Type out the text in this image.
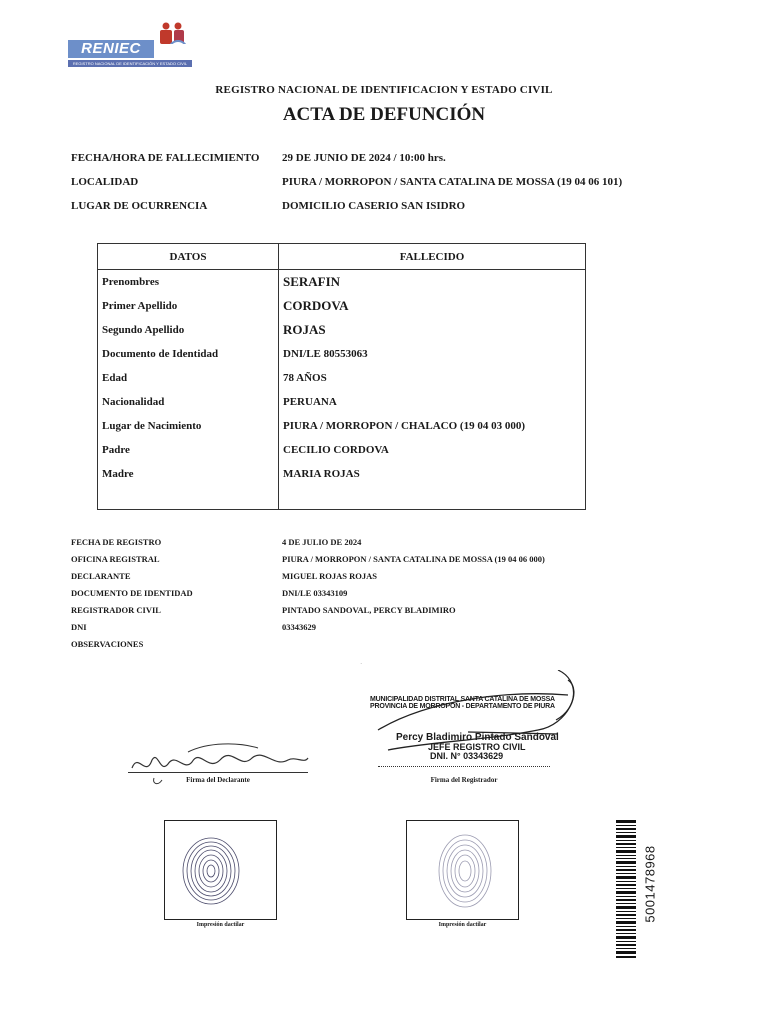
RENIEC
REGISTRO NACIONAL DE IDENTIFICACIÓN Y ESTADO CIVIL
REGISTRO NACIONAL DE IDENTIFICACION Y ESTADO CIVIL
ACTA DE DEFUNCIÓN
FECHA/HORA DE FALLECIMIENTO 29 DE JUNIO DE 2024 / 10:00 hrs.
LOCALIDAD	PIURA / MORROPON / SANTA CATALINA DE MOSSA (19 04 06 101)
LUGAR DE OCURRENCIA	DOMICILIO CASERIO SAN ISIDRO
DATOS	FALLECIDO
Prenombres	SERAFIN
Primer Apellido	CORDOVA
Segundo Apellido	ROJAS
Documento de Identidad	DNI/LE 80553063
Edad	78 AÑOS
Nacionalidad	PERUANA
Lugar de Nacimiento	PIURA / MORROPON / CHALACO (19 04 03 000)
Padre	CECILIO CORDOVA
Madre	MARIA ROJAS

FECHA DE REGISTRO	4 DE JULIO DE 2024
OFICINA REGISTRAL	PIURA / MORROPON / SANTA CATALINA DE MOSSA (19 04 06 000)
DECLARANTE	MIGUEL ROJAS ROJAS
DOCUMENTO DE IDENTIDAD	DNI/LE 03343109
REGISTRADOR CIVIL	PINTADO SANDOVAL, PERCY BLADIMIRO
DNI	03343629
OBSERVACIONES
·
MUNICIPALIDAD DISTRITAL SANTA CATALINA DE MOSSA
PROVINCIA DE MORROPON - DEPARTAMENTO DE PIURA
Percy Bladimiro Pintado Sandoval
JEFE REGISTRO CIVIL
DNI. N° 03343629
Firma del Registrador
Firma del Declarante
Impresión dactilar	Impresión dactilar
5001478968
